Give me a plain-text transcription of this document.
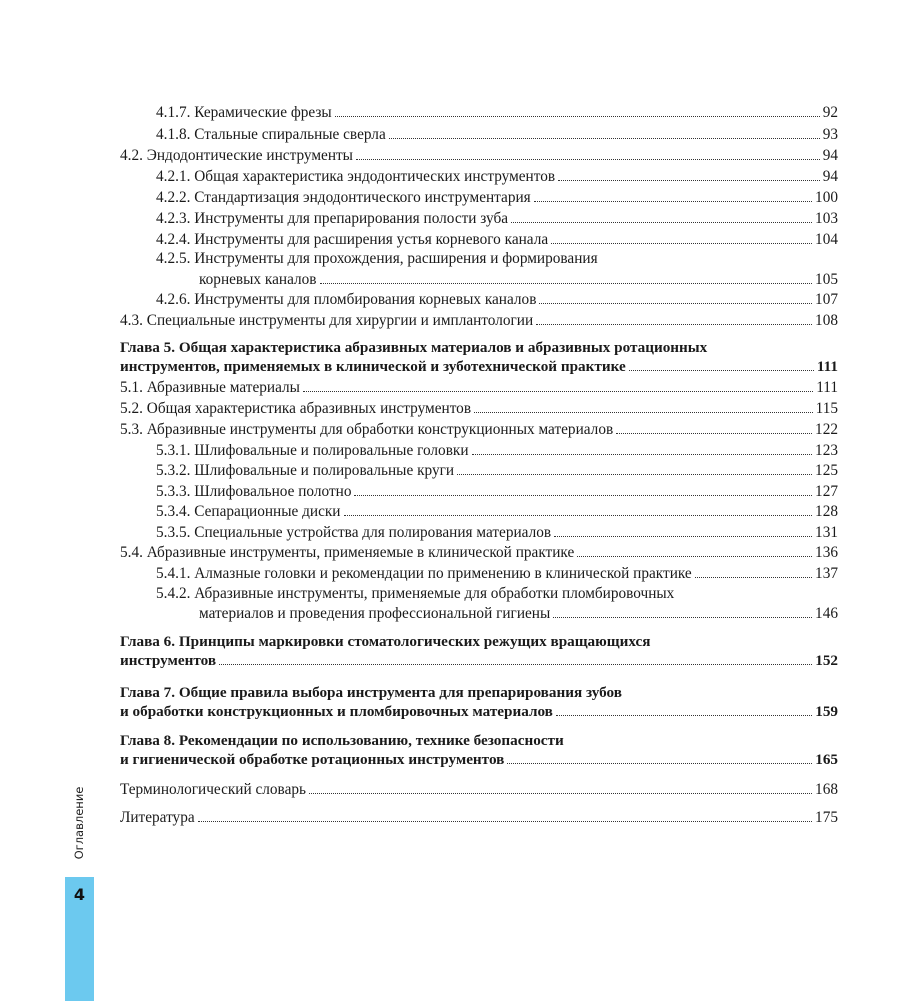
4.1.7. Керамические фрезы	92
4.1.8. Стальные спиральные сверла	93
4.2. Эндодонтические инструменты	94
4.2.1. Общая характеристика эндодонтических инструментов	94
4.2.2. Стандартизация эндодонтического инструментария	100
4.2.3. Инструменты для препарирования полости зуба	103
4.2.4. Инструменты для расширения устья корневого канала	104
4.2.5. Инструменты для прохождения, расширения и формирования
корневых каналов	105
4.2.6. Инструменты для пломбирования корневых каналов	107
4.3. Специальные инструменты для хирургии и имплантологии	108
Глава 5. Общая характеристика абразивных материалов и абразивных ротационных
инструментов, применяемых в клинической и зуботехнической практике	111
5.1. Абразивные материалы	111
5.2. Общая характеристика абразивных инструментов	115
5.3. Абразивные инструменты для обработки конструкционных материалов	122
5.3.1. Шлифовальные и полировальные головки	123
5.3.2. Шлифовальные и полировальные круги	125
5.3.3. Шлифовальное полотно	127
5.3.4. Сепарационные диски	128
5.3.5. Специальные устройства для полирования материалов	131
5.4. Абразивные инструменты, применяемые в клинической практике	136
5.4.1. Алмазные головки и рекомендации по применению в клинической практике	137
5.4.2. Абразивные инструменты, применяемые для обработки пломбировочных
материалов и проведения профессиональной гигиены	146
Глава 6. Принципы маркировки стоматологических режущих вращающихся
инструментов	152
Глава 7. Общие правила выбора инструмента для препарирования зубов
и обработки конструкционных и пломбировочных материалов	159
Глава 8. Рекомендации по использованию, технике безопасности
и гигиенической обработке ротационных инструментов	165
Терминологический словарь	168
Литература	175
Оглавление
4
